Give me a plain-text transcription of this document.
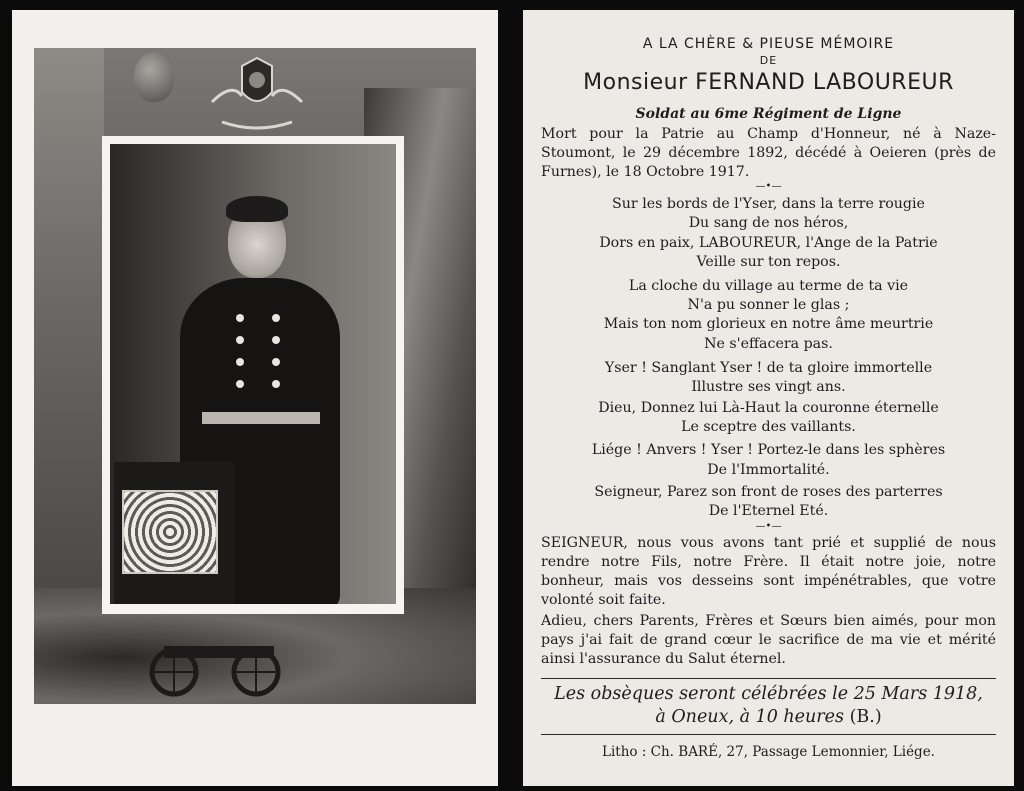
A LA CHÈRE & PIEUSE MÉMOIRE
DE
Monsieur FERNAND LABOUREUR
Soldat au 6me Régiment de Ligne
Mort pour la Patrie au Champ d'Honneur, né à Naze-Stoumont, le 29 décembre 1892, décédé à Oeieren (près de Furnes), le 18 Octobre 1917.
—•—
Sur les bords de l'Yser, dans la terre rougie
Du sang de nos héros,
Dors en paix, LABOUREUR, l'Ange de la Patrie
Veille sur ton repos.
La cloche du village au terme de ta vie
N'a pu sonner le glas ;
Mais ton nom glorieux en notre âme meurtrie
Ne s'effacera pas.
Yser ! Sanglant Yser ! de ta gloire immortelle
Illustre ses vingt ans.
Dieu, Donnez lui Là-Haut la couronne éternelle
Le sceptre des vaillants.
Liége ! Anvers ! Yser ! Portez-le dans les sphères
De l'Immortalité.
Seigneur, Parez son front de roses des parterres
De l'Eternel Eté.
—•—
SEIGNEUR, nous vous avons tant prié et supplié de nous rendre notre Fils, notre Frère. Il était notre joie, notre bonheur, mais vos desseins sont impénétrables, que votre volonté soit faite.
Adieu, chers Parents, Frères et Sœurs bien aimés, pour mon pays j'ai fait de grand cœur le sacrifice de ma vie et mérité ainsi l'assurance du Salut éternel.
Les obsèques seront célébrées le 25 Mars 1918,
à Oneux, à 10 heures (B.)
Litho : Ch. BARÉ, 27, Passage Lemonnier, Liége.
